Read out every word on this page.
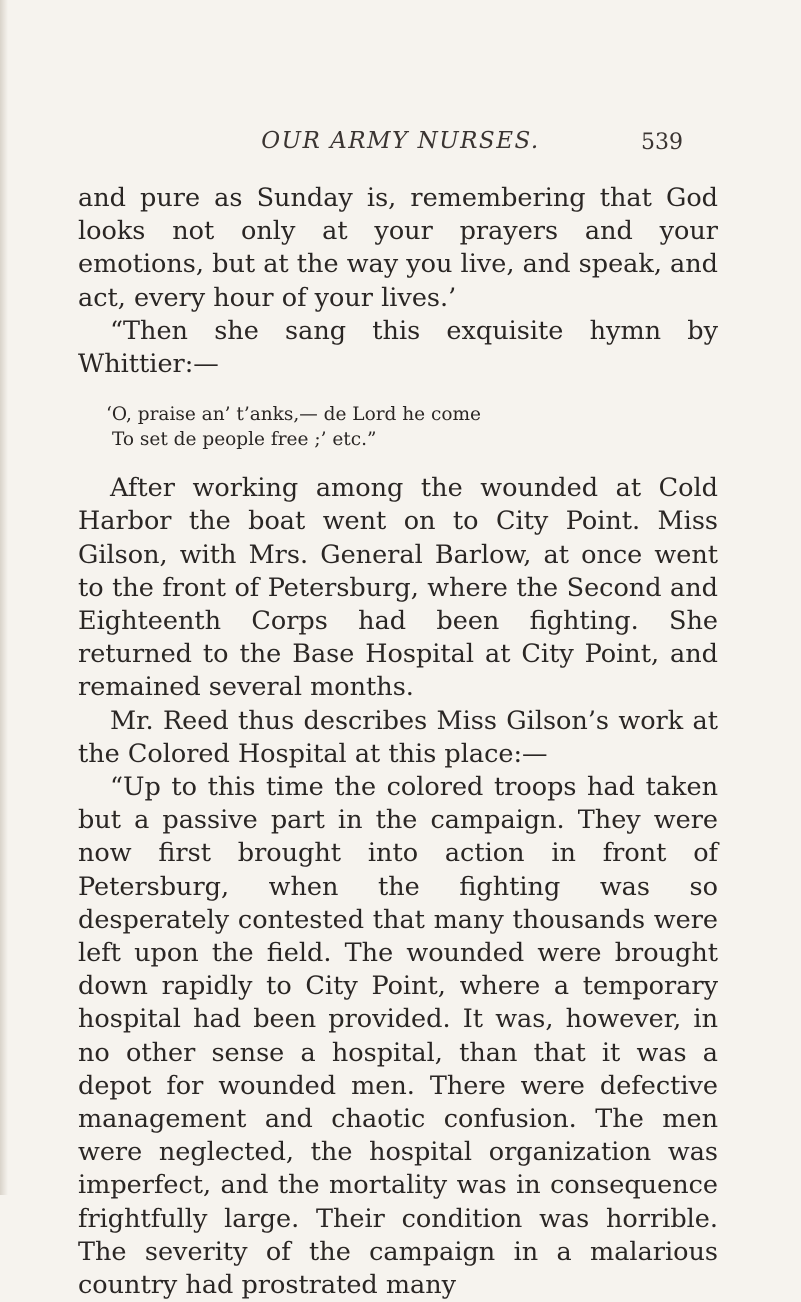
OUR ARMY NURSES.	539

and pure as Sunday is, remembering that God looks not only at your prayers and your emotions, but at the way you live, and speak, and act, every hour of your lives.’

“Then she sang this exquisite hymn by Whittier:—

‘O, praise an’ t’anks,— de Lord he come
To set de people free ;’ etc.”

After working among the wounded at Cold Harbor the boat went on to City Point. Miss Gilson, with Mrs. General Barlow, at once went to the front of Petersburg, where the Second and Eighteenth Corps had been fighting. She returned to the Base Hospital at City Point, and remained several months.

Mr. Reed thus describes Miss Gilson’s work at the Colored Hospital at this place:—

“Up to this time the colored troops had taken but a passive part in the campaign. They were now first brought into action in front of Petersburg, when the fighting was so desperately contested that many thousands were left upon the field. The wounded were brought down rapidly to City Point, where a temporary hospital had been provided. It was, however, in no other sense a hospital, than that it was a depot for wounded men. There were defective management and chaotic confusion. The men were neglected, the hospital organization was imperfect, and the mortality was in consequence frightfully large. Their condition was horrible. The severity of the campaign in a malarious country had prostrated many
